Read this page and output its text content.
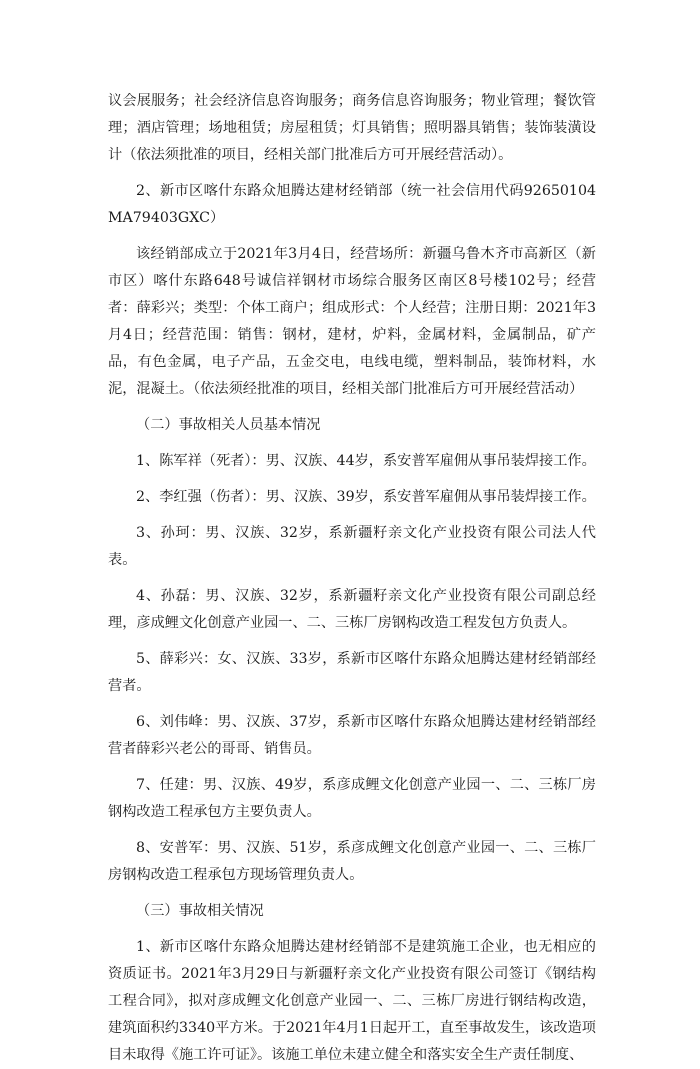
议会展服务；社会经济信息咨询服务；商务信息咨询服务；物业管理；餐饮管理；酒店管理；场地租赁；房屋租赁；灯具销售；照明器具销售；装饰装潢设计（依法须批准的项目，经相关部门批准后方可开展经营活动）。

2、新市区喀什东路众旭腾达建材经销部（统一社会信用代码92650104MA79403GXC）

该经销部成立于2021年3月4日，经营场所：新疆乌鲁木齐市高新区（新市区）喀什东路648号诚信祥钢材市场综合服务区南区8号楼102号；经营者：薛彩兴；类型：个体工商户；组成形式：个人经营；注册日期：2021年3月4日；经营范围：销售：钢材，建材，炉料，金属材料，金属制品，矿产品，有色金属，电子产品，五金交电，电线电缆，塑料制品，装饰材料，水泥，混凝土。（依法须经批准的项目，经相关部门批准后方可开展经营活动）

（二）事故相关人员基本情况

1、陈军祥（死者）：男、汉族、44岁，系安普军雇佣从事吊装焊接工作。

2、李红强（伤者）：男、汉族、39岁，系安普军雇佣从事吊装焊接工作。

3、孙珂：男、汉族、32岁，系新疆籽亲文化产业投资有限公司法人代表。

4、孙磊：男、汉族、32岁，系新疆籽亲文化产业投资有限公司副总经理，彦成鲤文化创意产业园一、二、三栋厂房钢构改造工程发包方负责人。

5、薛彩兴：女、汉族、33岁，系新市区喀什东路众旭腾达建材经销部经营者。

6、刘伟峰：男、汉族、37岁，系新市区喀什东路众旭腾达建材经销部经营者薛彩兴老公的哥哥、销售员。

7、任建：男、汉族、49岁，系彦成鲤文化创意产业园一、二、三栋厂房钢构改造工程承包方主要负责人。

8、安普军：男、汉族、51岁，系彦成鲤文化创意产业园一、二、三栋厂房钢构改造工程承包方现场管理负责人。

（三）事故相关情况

1、新市区喀什东路众旭腾达建材经销部不是建筑施工企业，也无相应的资质证书。2021年3月29日与新疆籽亲文化产业投资有限公司签订《钢结构工程合同》，拟对彦成鲤文化创意产业园一、二、三栋厂房进行钢结构改造，建筑面积约3340平方米。于2021年4月1日起开工，直至事故发生，该改造项目未取得《施工许可证》。该施工单位未建立健全和落实安全生产责任制度、
